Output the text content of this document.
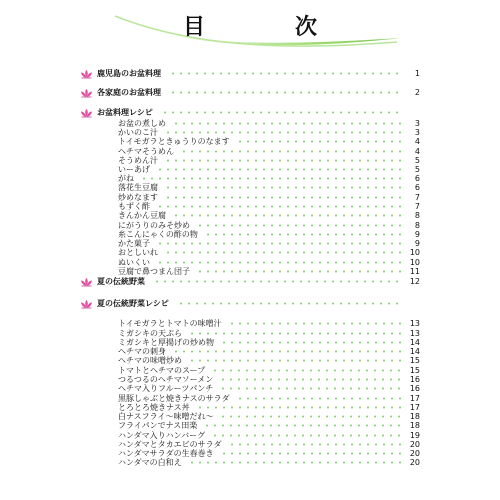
目　次
鹿児島のお盆料理	1
各家庭のお盆料理	2
お盆料理レシピ
お盆の煮しめ	3
かいのこ汁	3
トイモガラときゅうりのなます	4
ヘチマそうめん	4
そうめん汁	5
いーあげ	5
がね	6
落花生豆腐	6
炒めなます	7
もずく酢	7
きんかん豆腐	8
にがうりのみそ炒め	8
糸こんにゃくの酢の物	9
かた菓子	9
おとしいれ	10
ぬいくい	10
豆腐で鼻つまん団子	11
夏の伝統野菜	12
夏の伝統野菜レシピ
トイモガラとトマトの味噌汁	13
ミガシキの天ぷら	13
ミガシキと厚揚げの炒め物	14
ヘチマの刺身	14
ヘチマの味噌炒め	15
トマトとヘチマのスープ	15
つるつるのヘチマソーメン	16
ヘチマ入りフルーツパンチ	16
黒豚しゃぶと焼きナスのサラダ	17
とろとろ焼きナス丼	17
白ナスフライ～味噌だれ～	18
フライパンでナス田楽	18
ハンダマ入りハンバーグ	19
ハンダマとタカエビのサラダ	20
ハンダマサラダの生春巻き	20
ハンダマの白和え	20
